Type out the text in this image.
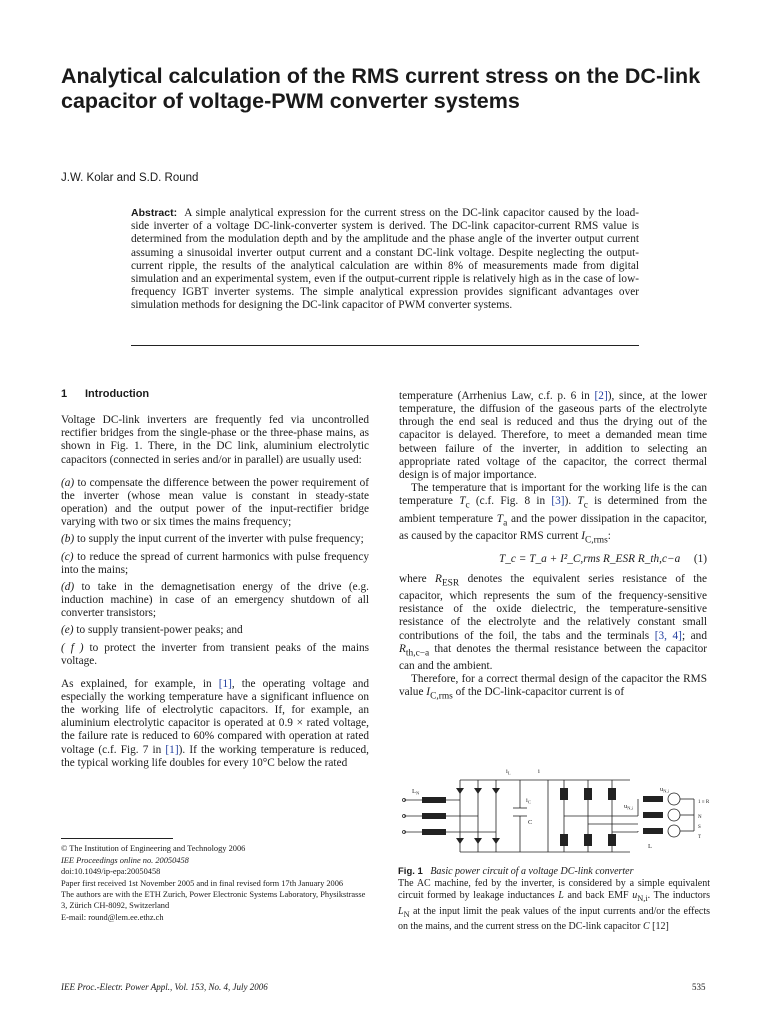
Analytical calculation of the RMS current stress on the DC-link capacitor of voltage-PWM converter systems
J.W. Kolar and S.D. Round
Abstract: A simple analytical expression for the current stress on the DC-link capacitor caused by the load-side inverter of a voltage DC-link-converter system is derived. The DC-link capacitor-current RMS value is determined from the modulation depth and by the amplitude and the phase angle of the inverter output current assuming a sinusoidal inverter output current and a constant DC-link voltage. Despite neglecting the output-current ripple, the results of the analytical calculation are within 8% of measurements made from digital simulation and an experimental system, even if the output-current ripple is relatively high as in the case of low-frequency IGBT inverter systems. The simple analytical expression provides significant advantages over simulation methods for designing the DC-link capacitor of PWM converter systems.
1 Introduction

Voltage DC-link inverters are frequently fed via uncontrolled rectifier bridges from the single-phase or the three-phase mains, as shown in Fig. 1. There, in the DC link, aluminium electrolytic capacitors (connected in series and/or in parallel) are usually used:

(a) to compensate the difference between the power requirement of the inverter (whose mean value is constant in steady-state operation) and the output power of the input-rectifier bridge varying with two or six times the mains frequency;

(b) to supply the input current of the inverter with pulse frequency;

(c) to reduce the spread of current harmonics with pulse frequency into the mains;

(d) to take in the demagnetisation energy of the drive (e.g. induction machine) in case of an emergency shutdown of all converter transistors;

(e) to supply transient-power peaks; and

( f ) to protect the inverter from transient peaks of the mains voltage.

As explained, for example, in [1], the operating voltage and especially the working temperature have a significant influence on the working life of electrolytic capacitors. If, for example, an aluminium electrolytic capacitor is operated at 0.9 × rated voltage, the failure rate is reduced to 60% compared with operation at rated voltage (c.f. Fig. 7 in [1]). If the working temperature is reduced, the typical working life doubles for every 10°C below the rated

temperature (Arrhenius Law, c.f. p. 6 in [2]), since, at the lower temperature, the diffusion of the gaseous parts of the electrolyte through the end seal is reduced and thus the drying out of the capacitor is delayed. Therefore, to meet a demanded mean time between failure of the inverter, in addition to selecting an appropriate rated voltage of the capacitor, the correct thermal design is of major importance.

The temperature that is important for the working life is the can temperature $T_c$ (c.f. Fig. 8 in [3]). $T_c$ is determined from the ambient temperature $T_a$ and the power dissipation in the capacitor, as caused by the capacitor RMS current $I_{C,rms}$:

T_c = T_a + I²_C,rms R_ESR R_th,c−a (1)

where $R_{ESR}$ denotes the equivalent series resistance of the capacitor, which represents the sum of the frequency-sensitive resistance of the oxide dielectric, the temperature-sensitive resistance of the electrolyte and the relatively constant small contributions of the foil, the tabs and the terminals [3, 4]; and $R_{th,c-a}$ that denotes the thermal resistance between the capacitor can and the ambient.

Therefore, for a correct thermal design of the capacitor the RMS value $I_{C,rms}$ of the DC-link-capacitor current is of

$i_L$	i
$i_C$
$L_N$
C
$u_{N,i}$
$u_{N,i}$
L
1 ≡ R
N
S
T
Fig. 1 Basic power circuit of a voltage DC-link converter
The AC machine, fed by the inverter, is considered by a simple equivalent circuit formed by leakage inductances L and back EMF $u_{N,i}$. The inductors $L_N$ at the input limit the peak values of the input currents and/or the effects on the mains, and the current stress on the DC-link capacitor C [12]
© The Institution of Engineering and Technology 2006
IEE Proceedings online no. 20050458
doi:10.1049/ip-epa:20050458
Paper first received 1st November 2005 and in final revised form 17th January 2006
The authors are with the ETH Zurich, Power Electronic Systems Laboratory, Physikstrasse 3, Zürich CH-8092, Switzerland
E-mail: round@lem.ee.ethz.ch
IEE Proc.-Electr. Power Appl., Vol. 153, No. 4, July 2006	535
